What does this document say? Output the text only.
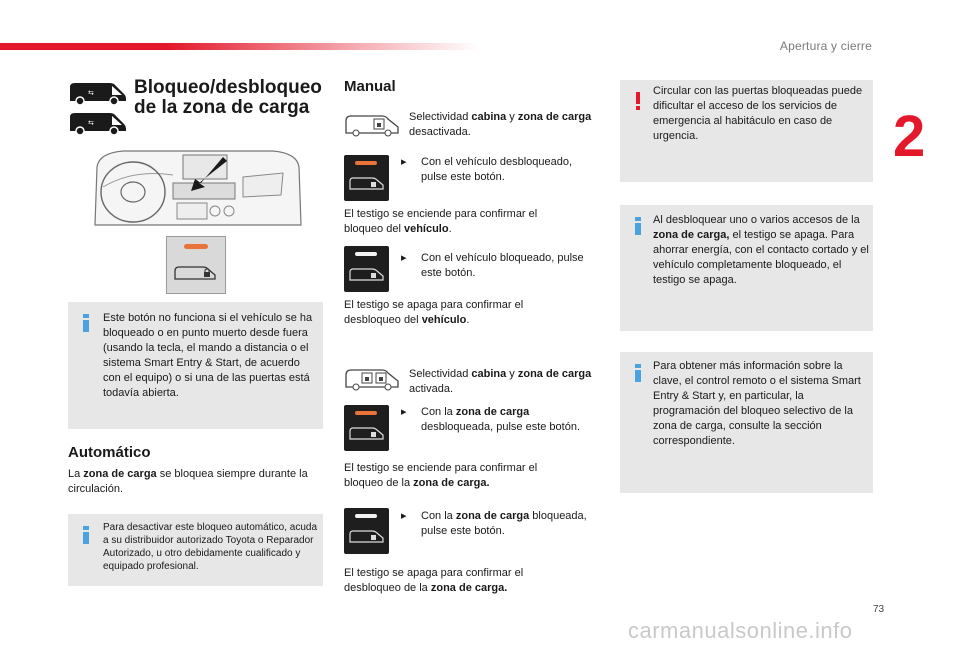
Apertura y cierre
2
⇆
⇆
Bloqueo/desbloqueo
de la zona de carga
Este botón no funciona si el vehículo se ha bloqueado o en punto muerto desde fuera (usando la tecla, el mando a distancia o el sistema Smart Entry & Start, de acuerdo con el equipo) o si una de las puertas está todavía abierta.
Automático
La zona de carga se bloquea siempre durante la circulación.
Para desactivar este bloqueo automático, acuda a su distribuidor autorizado Toyota o Reparador Autorizado, u otro debidamente cualificado y equipado profesional.
Manual
Selectividad cabina y zona de carga desactivada.
▸	Con el vehículo desbloqueado, pulse este botón.
El testigo se enciende para confirmar el bloqueo del vehículo.
▸	Con el vehículo bloqueado, pulse este botón.
El testigo se apaga para confirmar el desbloqueo del vehículo.
Selectividad cabina y zona de carga activada.
▸	Con la zona de carga desbloqueada, pulse este botón.
El testigo se enciende para confirmar el bloqueo de la zona de carga.
▸	Con la zona de carga bloqueada, pulse este botón.
El testigo se apaga para confirmar el desbloqueo de la zona de carga.
Circular con las puertas bloqueadas puede dificultar el acceso de los servicios de emergencia al habitáculo en caso de urgencia.
Al desbloquear uno o varios accesos de la zona de carga, el testigo se apaga. Para ahorrar energía, con el contacto cortado y el vehículo completamente bloqueado, el testigo se apaga.
Para obtener más información sobre la clave, el control remoto o el sistema Smart Entry & Start y, en particular, la programación del bloqueo selectivo de la zona de carga, consulte la sección correspondiente.
73
carmanualsonline.info
